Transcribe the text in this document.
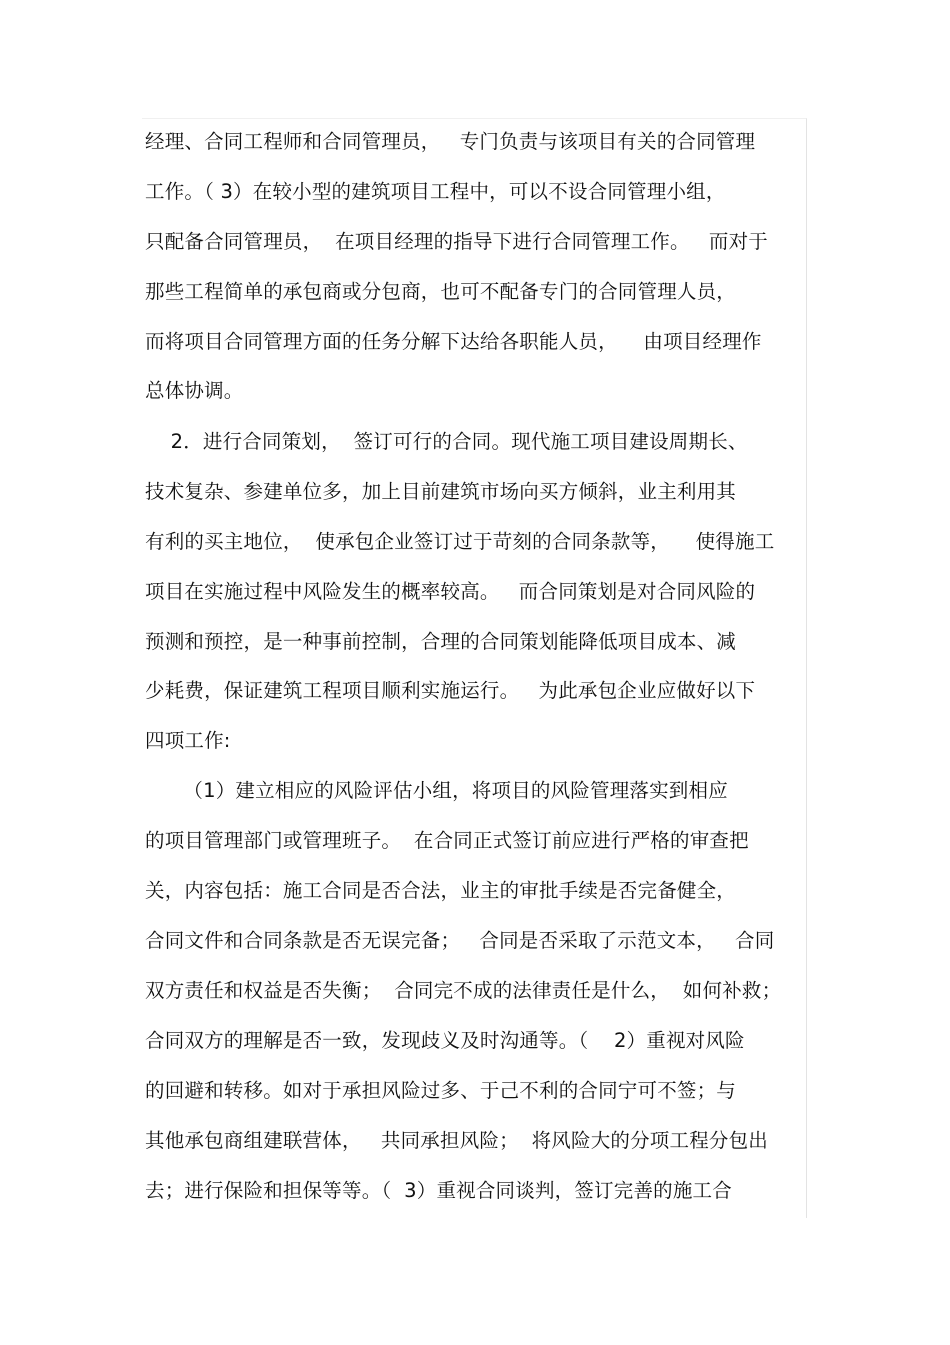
经理、合同工程师和合同管理员，   专门负责与该项目有关的合同管理
工作。（ 3）在较小型的建筑项目工程中，可以不设合同管理小组，
只配备合同管理员，  在项目经理的指导下进行合同管理工作。   而对于
那些工程简单的承包商或分包商，也可不配备专门的合同管理人员，
而将项目合同管理方面的任务分解下达给各职能人员，    由项目经理作
总体协调。
2．进行合同策划，  签订可行的合同。现代施工项目建设周期长、
技术复杂、参建单位多，加上目前建筑市场向买方倾斜，业主利用其
有利的买主地位，  使承包企业签订过于苛刻的合同条款等，    使得施工
项目在实施过程中风险发生的概率较高。   而合同策划是对合同风险的
预测和预控，是一种事前控制，合理的合同策划能降低项目成本、减
少耗费，保证建筑工程项目顺利实施运行。   为此承包企业应做好以下
四项工作:
（1）建立相应的风险评估小组，将项目的风险管理落实到相应
的项目管理部门或管理班子。  在合同正式签订前应进行严格的审查把
关，内容包括：施工合同是否合法，业主的审批手续是否完备健全，
合同文件和合同条款是否无误完备；   合同是否采取了示范文本，   合同
双方责任和权益是否失衡；  合同完不成的法律责任是什么，  如何补救；
合同双方的理解是否一致，发现歧义及时沟通等。（    2）重视对风险
的回避和转移。如对于承担风险过多、于己不利的合同宁可不签；与
其他承包商组建联营体，   共同承担风险；  将风险大的分项工程分包出
去；进行保险和担保等等。（  3）重视合同谈判，签订完善的施工合
